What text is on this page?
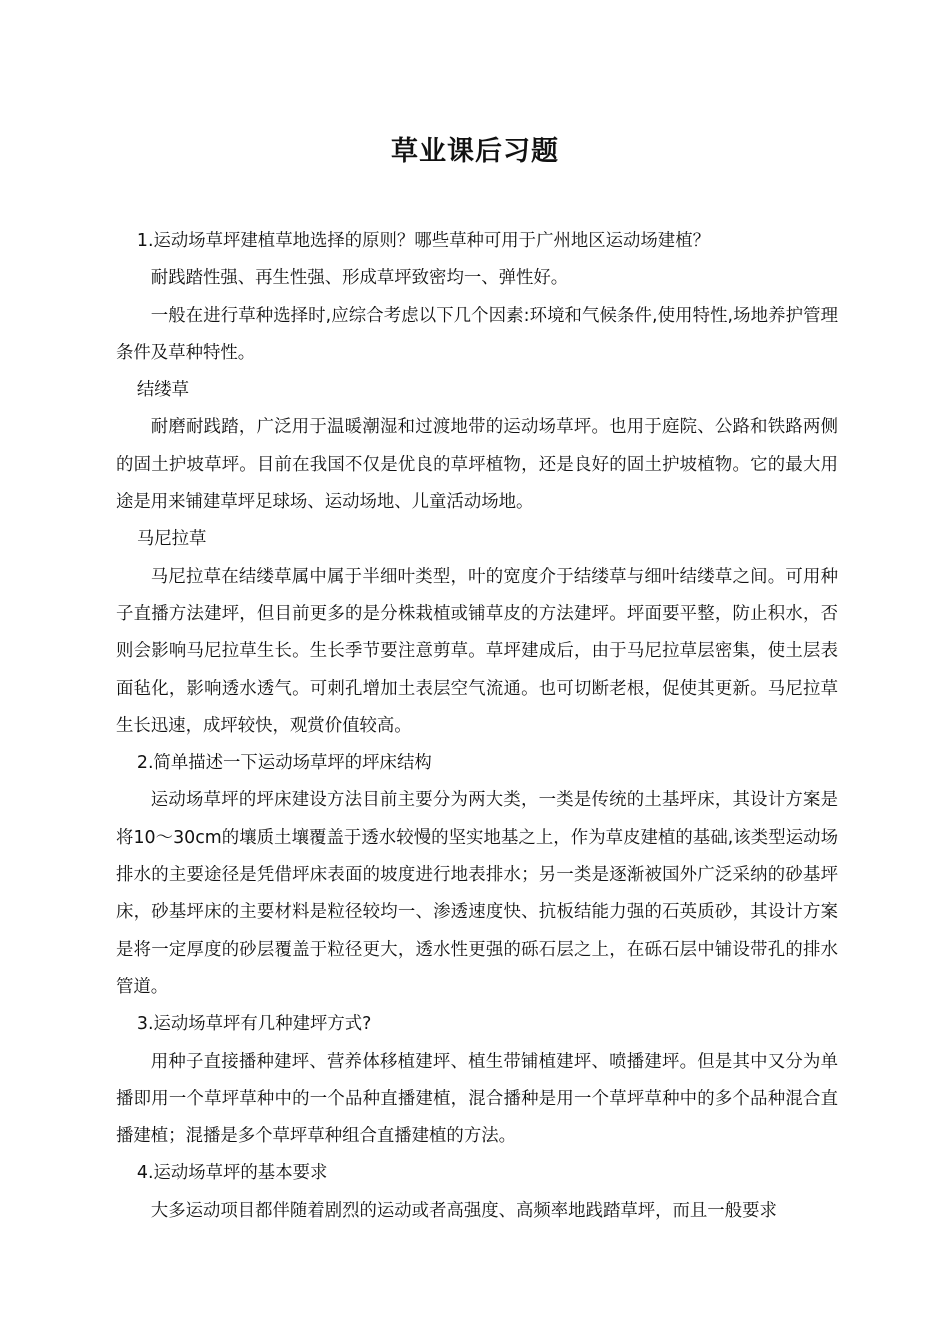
草业课后习题

1.运动场草坪建植草地选择的原则？哪些草种可用于广州地区运动场建植？

耐践踏性强、再生性强、形成草坪致密均一、弹性好。

一般在进行草种选择时,应综合考虑以下几个因素:环境和气候条件,使用特性,场地养护管理条件及草种特性。

结缕草

耐磨耐践踏，广泛用于温暖潮湿和过渡地带的运动场草坪。也用于庭院、公路和铁路两侧的固土护坡草坪。目前在我国不仅是优良的草坪植物，还是良好的固土护坡植物。它的最大用途是用来铺建草坪足球场、运动场地、儿童活动场地。

马尼拉草

马尼拉草在结缕草属中属于半细叶类型，叶的宽度介于结缕草与细叶结缕草之间。可用种子直播方法建坪，但目前更多的是分株栽植或铺草皮的方法建坪。坪面要平整，防止积水，否则会影响马尼拉草生长。生长季节要注意剪草。草坪建成后，由于马尼拉草层密集，使土层表面毡化，影响透水透气。可刺孔增加土表层空气流通。也可切断老根，促使其更新。马尼拉草生长迅速，成坪较快，观赏价值较高。

2.简单描述一下运动场草坪的坪床结构

运动场草坪的坪床建设方法目前主要分为两大类，一类是传统的土基坪床，其设计方案是将10～30cm的壤质土壤覆盖于透水较慢的坚实地基之上，作为草皮建植的基础,该类型运动场排水的主要途径是凭借坪床表面的坡度进行地表排水；另一类是逐渐被国外广泛采纳的砂基坪床，砂基坪床的主要材料是粒径较均一、渗透速度快、抗板结能力强的石英质砂，其设计方案是将一定厚度的砂层覆盖于粒径更大，透水性更强的砾石层之上，在砾石层中铺设带孔的排水管道。

3.运动场草坪有几种建坪方式?

用种子直接播种建坪、营养体移植建坪、植生带铺植建坪、喷播建坪。但是其中又分为单播即用一个草坪草种中的一个品种直播建植，混合播种是用一个草坪草种中的多个品种混合直播建植；混播是多个草坪草种组合直播建植的方法。

4.运动场草坪的基本要求

大多运动项目都伴随着剧烈的运动或者高强度、高频率地践踏草坪，而且一般要求
